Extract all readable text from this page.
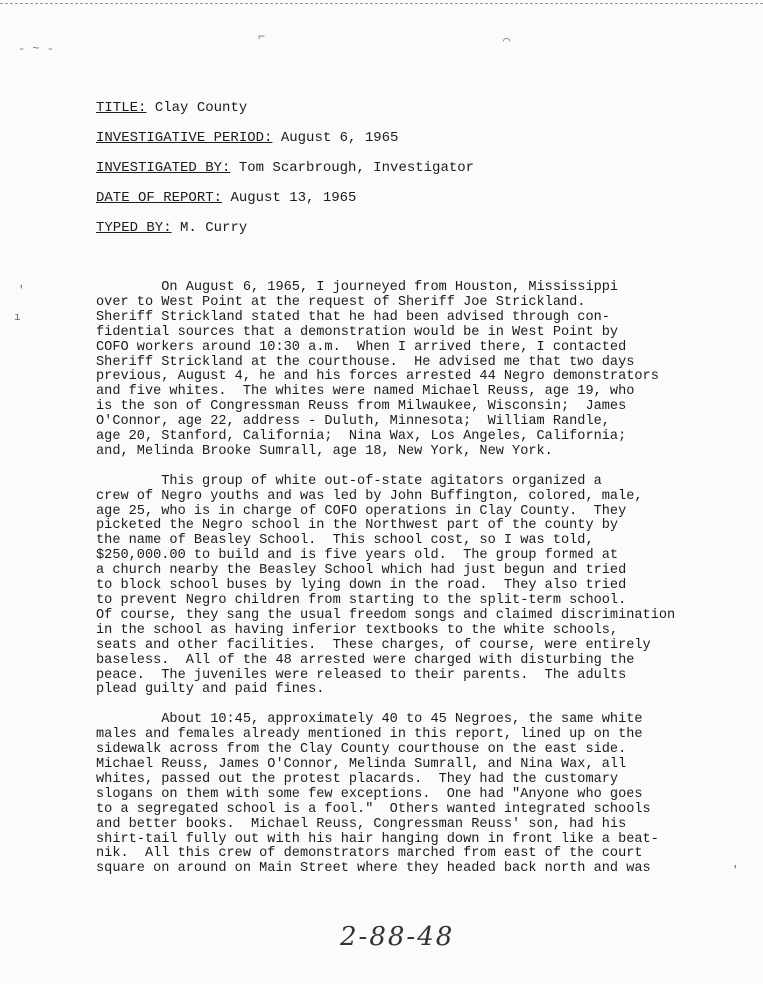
- ~ -
⌐	⌒
'
ı
'
TITLE: Clay County
INVESTIGATIVE PERIOD: August 6, 1965
INVESTIGATED BY: Tom Scarbrough, Investigator
DATE OF REPORT: August 13, 1965
TYPED BY: M. Curry
On August 6, 1965, I journeyed from Houston, Mississippi
over to West Point at the request of Sheriff Joe Strickland.
Sheriff Strickland stated that he had been advised through con-
fidential sources that a demonstration would be in West Point by
COFO workers around 10:30 a.m.  When I arrived there, I contacted
Sheriff Strickland at the courthouse.  He advised me that two days
previous, August 4, he and his forces arrested 44 Negro demonstrators
and five whites.  The whites were named Michael Reuss, age 19, who
is the son of Congressman Reuss from Milwaukee, Wisconsin;  James
O'Connor, age 22, address - Duluth, Minnesota;  William Randle,
age 20, Stanford, California;  Nina Wax, Los Angeles, California;
and, Melinda Brooke Sumrall, age 18, New York, New York.
This group of white out-of-state agitators organized a
crew of Negro youths and was led by John Buffington, colored, male,
age 25, who is in charge of COFO operations in Clay County.  They
picketed the Negro school in the Northwest part of the county by
the name of Beasley School.  This school cost, so I was told,
$250,000.00 to build and is five years old.  The group formed at
a church nearby the Beasley School which had just begun and tried
to block school buses by lying down in the road.  They also tried
to prevent Negro children from starting to the split-term school.
Of course, they sang the usual freedom songs and claimed discrimination
in the school as having inferior textbooks to the white schools,
seats and other facilities.  These charges, of course, were entirely
baseless.  All of the 48 arrested were charged with disturbing the
peace.  The juveniles were released to their parents.  The adults
plead guilty and paid fines.
About 10:45, approximately 40 to 45 Negroes, the same white
males and females already mentioned in this report, lined up on the
sidewalk across from the Clay County courthouse on the east side.
Michael Reuss, James O'Connor, Melinda Sumrall, and Nina Wax, all
whites, passed out the protest placards.  They had the customary
slogans on them with some few exceptions.  One had "Anyone who goes
to a segregated school is a fool."  Others wanted integrated schools
and better books.  Michael Reuss, Congressman Reuss' son, had his
shirt-tail fully out with his hair hanging down in front like a beat-
nik.  All this crew of demonstrators marched from east of the court
square on around on Main Street where they headed back north and was
2-88-48
